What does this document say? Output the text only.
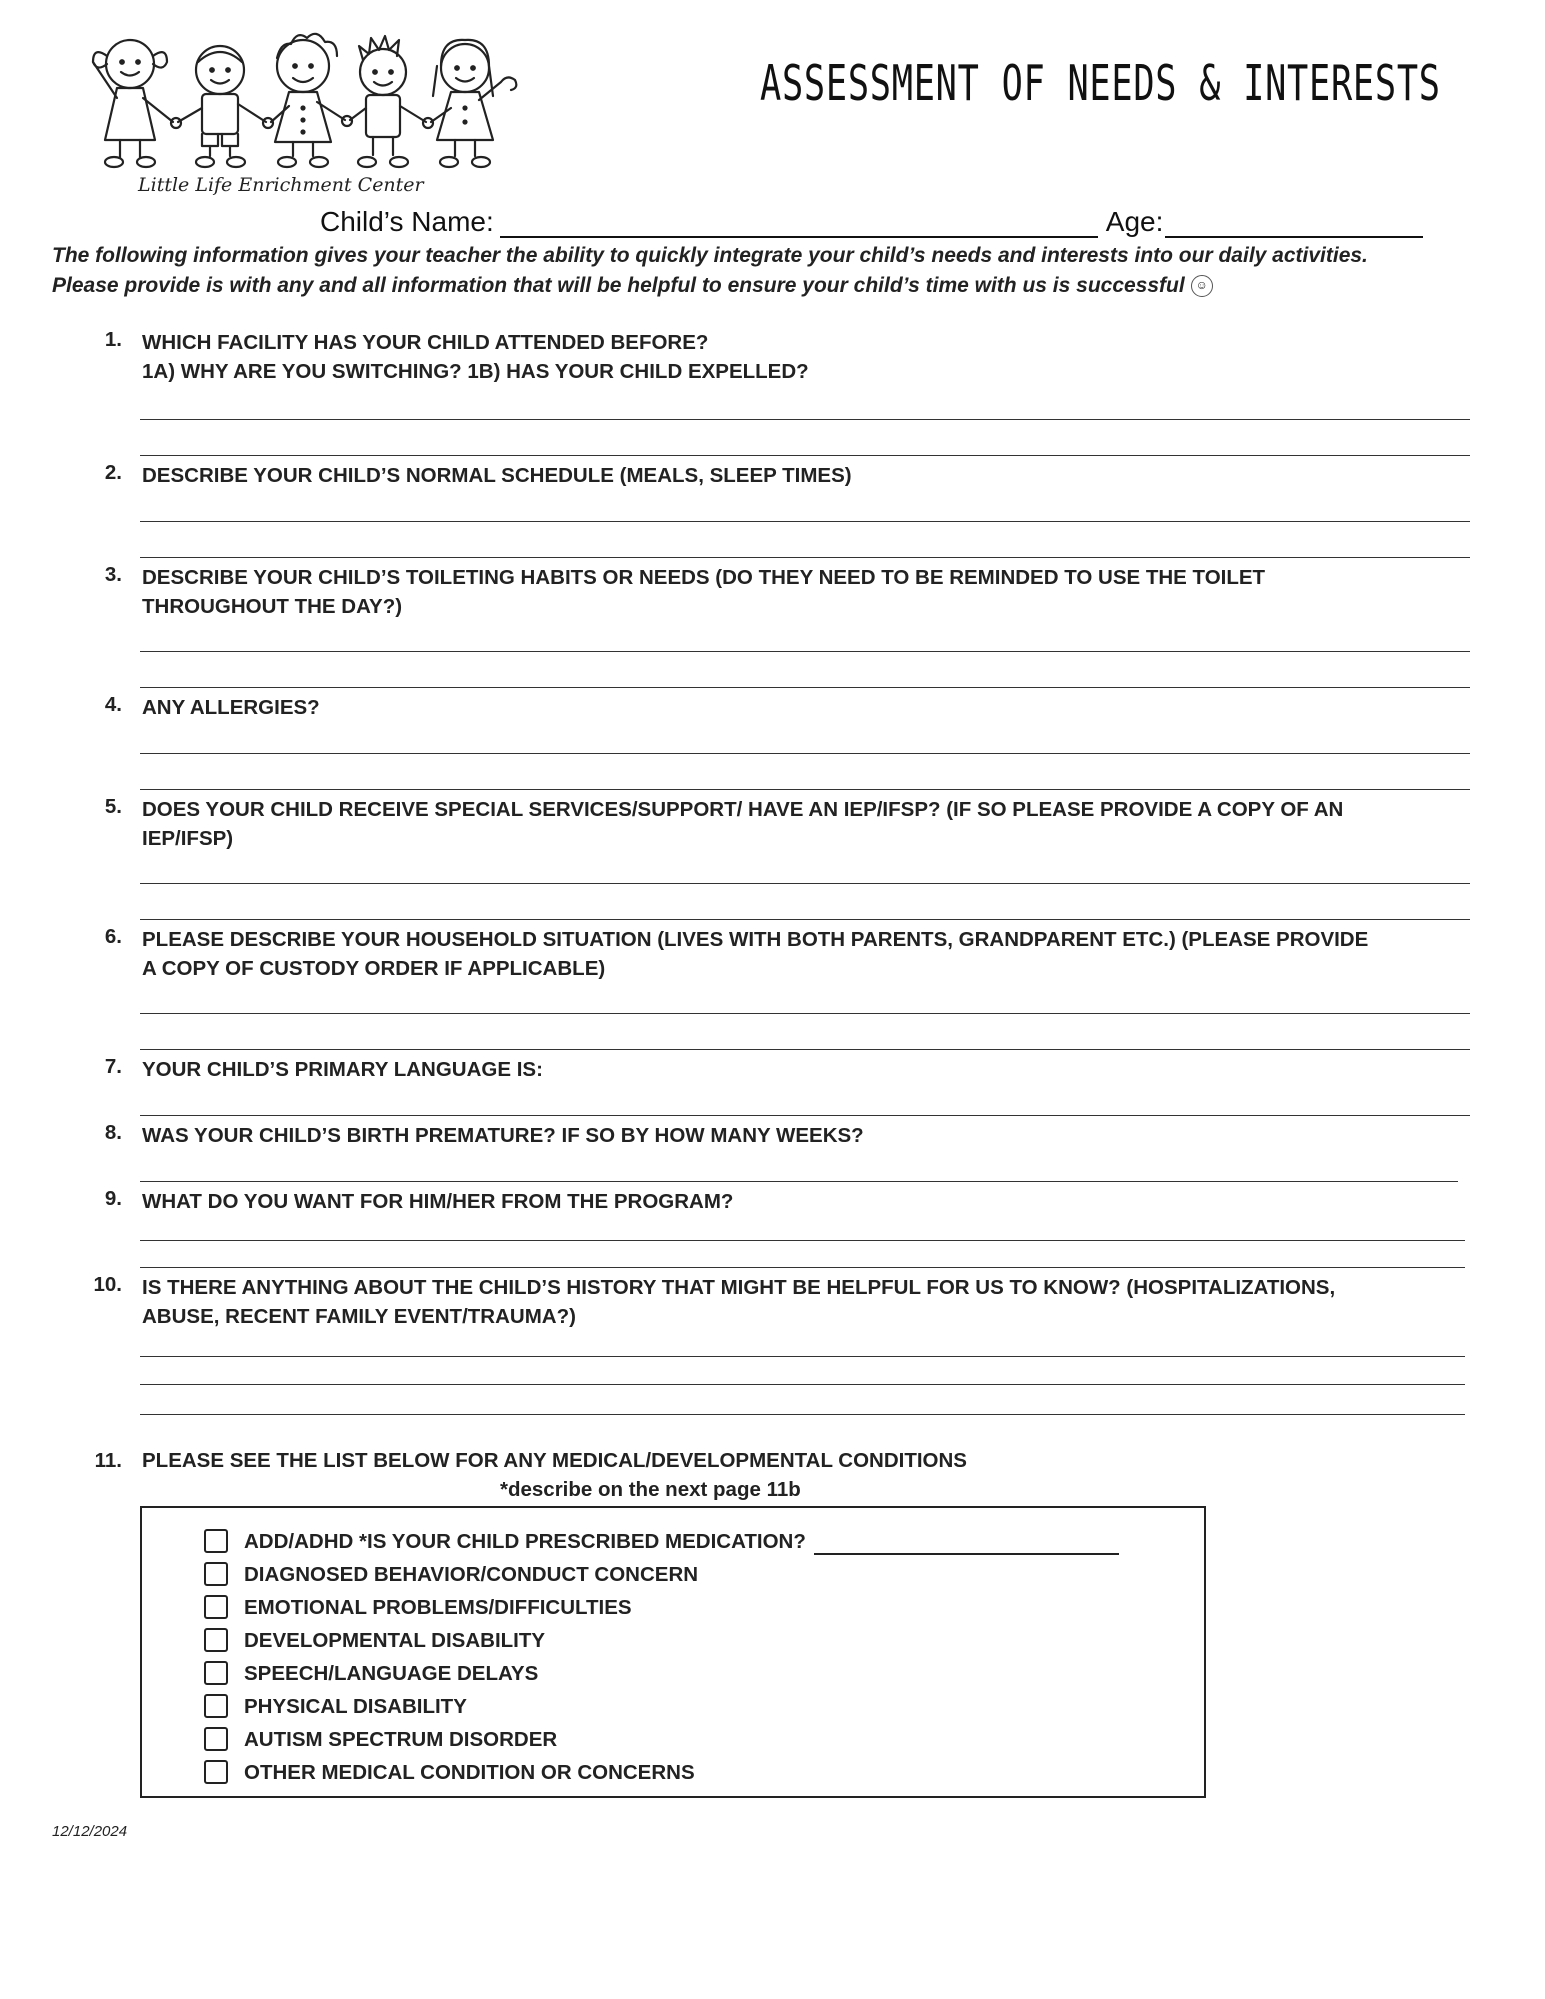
Little Life Enrichment Center
ASSESSMENT OF NEEDS & INTERESTS
Child’s Name:	Age:
The following information gives your teacher the ability to quickly integrate your child’s needs and interests into our daily activities.
Please provide is with any and all information that will be helpful to ensure your child’s time with us is successful ☺
1. WHICH FACILITY HAS YOUR CHILD ATTENDED BEFORE?
1A) WHY ARE YOU SWITCHING? 1B) HAS YOUR CHILD EXPELLED?
2. DESCRIBE YOUR CHILD’S NORMAL SCHEDULE (MEALS, SLEEP TIMES)
3. DESCRIBE YOUR CHILD’S TOILETING HABITS OR NEEDS (DO THEY NEED TO BE REMINDED TO USE THE TOILET
THROUGHOUT THE DAY?)
4. ANY ALLERGIES?
5. DOES YOUR CHILD RECEIVE SPECIAL SERVICES/SUPPORT/ HAVE AN IEP/IFSP? (IF SO PLEASE PROVIDE A COPY OF AN
IEP/IFSP)
6. PLEASE DESCRIBE YOUR HOUSEHOLD SITUATION (LIVES WITH BOTH PARENTS, GRANDPARENT ETC.) (PLEASE PROVIDE
A COPY OF CUSTODY ORDER IF APPLICABLE)
7. YOUR CHILD’S PRIMARY LANGUAGE IS:
8. WAS YOUR CHILD’S BIRTH PREMATURE? IF SO BY HOW MANY WEEKS?
9. WHAT DO YOU WANT FOR HIM/HER FROM THE PROGRAM?
10. IS THERE ANYTHING ABOUT THE CHILD’S HISTORY THAT MIGHT BE HELPFUL FOR US TO KNOW? (HOSPITALIZATIONS,
ABUSE, RECENT FAMILY EVENT/TRAUMA?)
11. PLEASE SEE THE LIST BELOW FOR ANY MEDICAL/DEVELOPMENTAL CONDITIONS
*describe on the next page 11b
ADD/ADHD *IS YOUR CHILD PRESCRIBED MEDICATION?
DIAGNOSED BEHAVIOR/CONDUCT CONCERN
EMOTIONAL PROBLEMS/DIFFICULTIES
DEVELOPMENTAL DISABILITY
SPEECH/LANGUAGE DELAYS
PHYSICAL DISABILITY
AUTISM SPECTRUM DISORDER
OTHER MEDICAL CONDITION OR CONCERNS
12/12/2024
